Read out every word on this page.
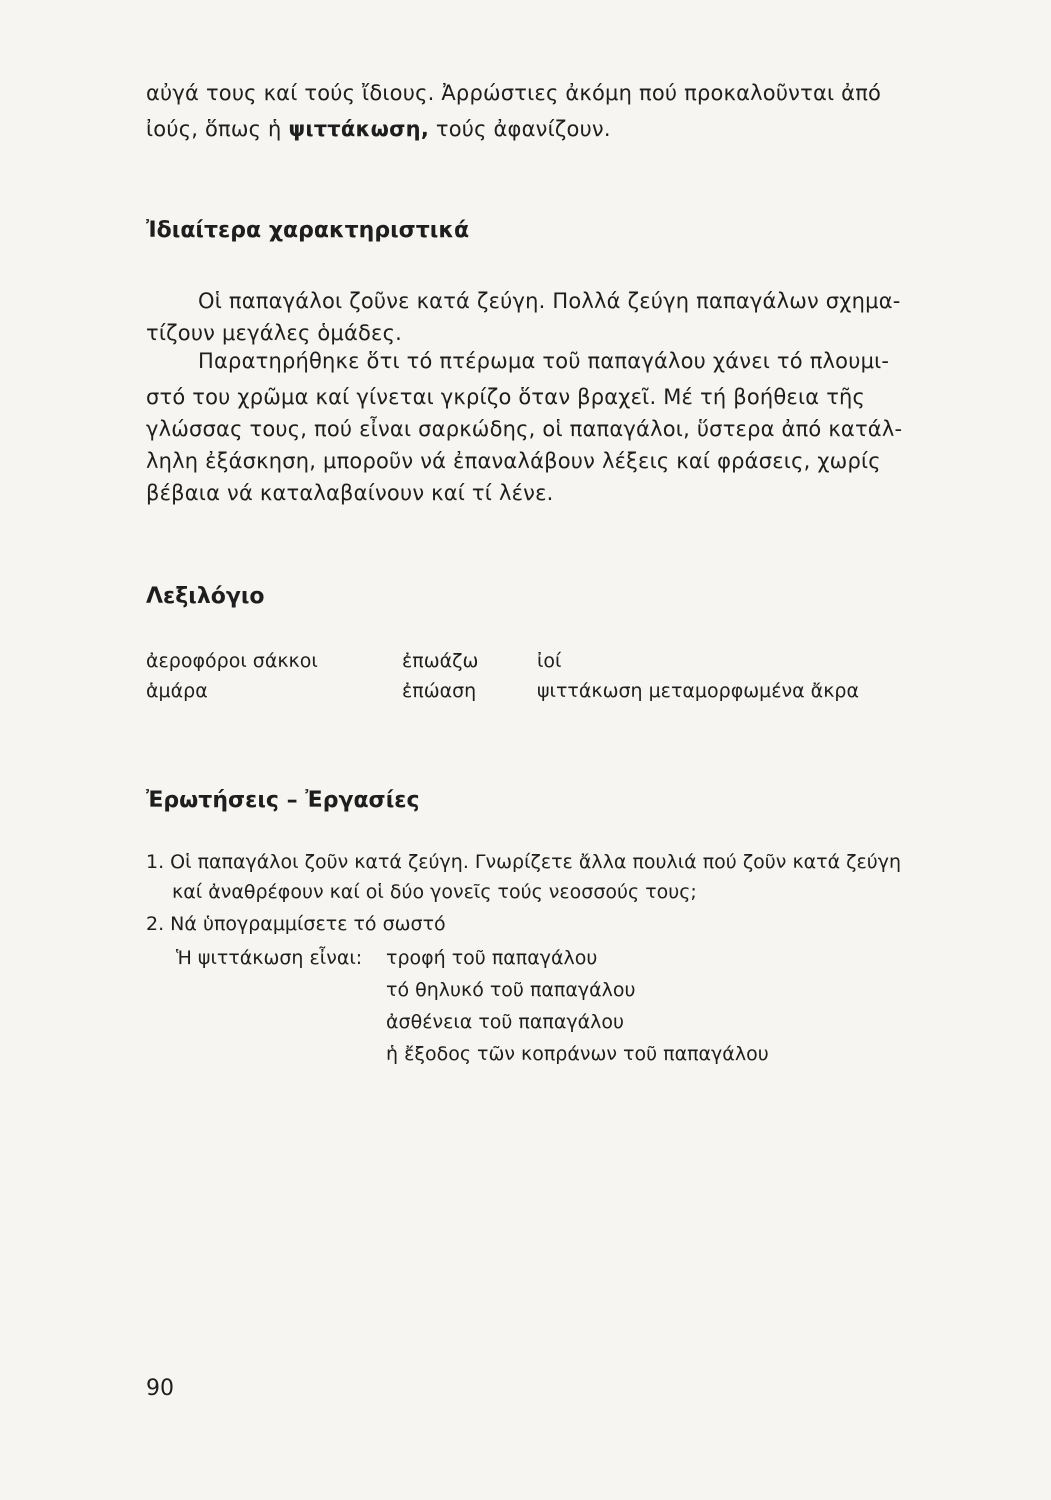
αὐγά τους καί τούς ἴδιους. Ἀρρώστιες ἀκόμη πού προκαλοῦνται ἀπό
ἰούς, ὅπως ἡ ψιττάκωση, τούς ἀφανίζουν.
Ἰδιαίτερα χαρακτηριστικά
Οἱ παπαγάλοι ζοῦνε κατά ζεύγη. Πολλά ζεύγη παπαγάλων σχημα-
τίζουν μεγάλες ὁμάδες.
Παρατηρήθηκε ὅτι τό πτέρωμα τοῦ παπαγάλου χάνει τό πλουμι-
στό του χρῶμα καί γίνεται γκρίζο ὅταν βραχεῖ. Μέ τή βοήθεια τῆς
γλώσσας τους, πού εἶναι σαρκώδης, οἱ παπαγάλοι, ὕστερα ἀπό κατάλ-
ληλη ἐξάσκηση, μποροῦν νά ἐπαναλάβουν λέξεις καί φράσεις, χωρίς
βέβαια νά καταλαβαίνουν καί τί λένε.
Λεξιλόγιο
ἀεροφόροι σάκκοι
ἁμάρα
ἐπωάζω
ἐπώαση
ἰοί
ψιττάκωση μεταμορφωμένα ἄκρα
Ἐρωτήσεις – Ἐργασίες
1. Οἱ παπαγάλοι ζοῦν κατά ζεύγη. Γνωρίζετε ἄλλα πουλιά πού ζοῦν κατά ζεύγη
καί ἀναθρέφουν καί οἱ δύο γονεῖς τούς νεοσσούς τους;
2. Νά ὑπογραμμίσετε τό σωστό
Ἡ ψιττάκωση εἶναι: τροφή τοῦ παπαγάλου
τό θηλυκό τοῦ παπαγάλου
ἀσθένεια τοῦ παπαγάλου
ἡ ἔξοδος τῶν κοπράνων τοῦ παπαγάλου
90
